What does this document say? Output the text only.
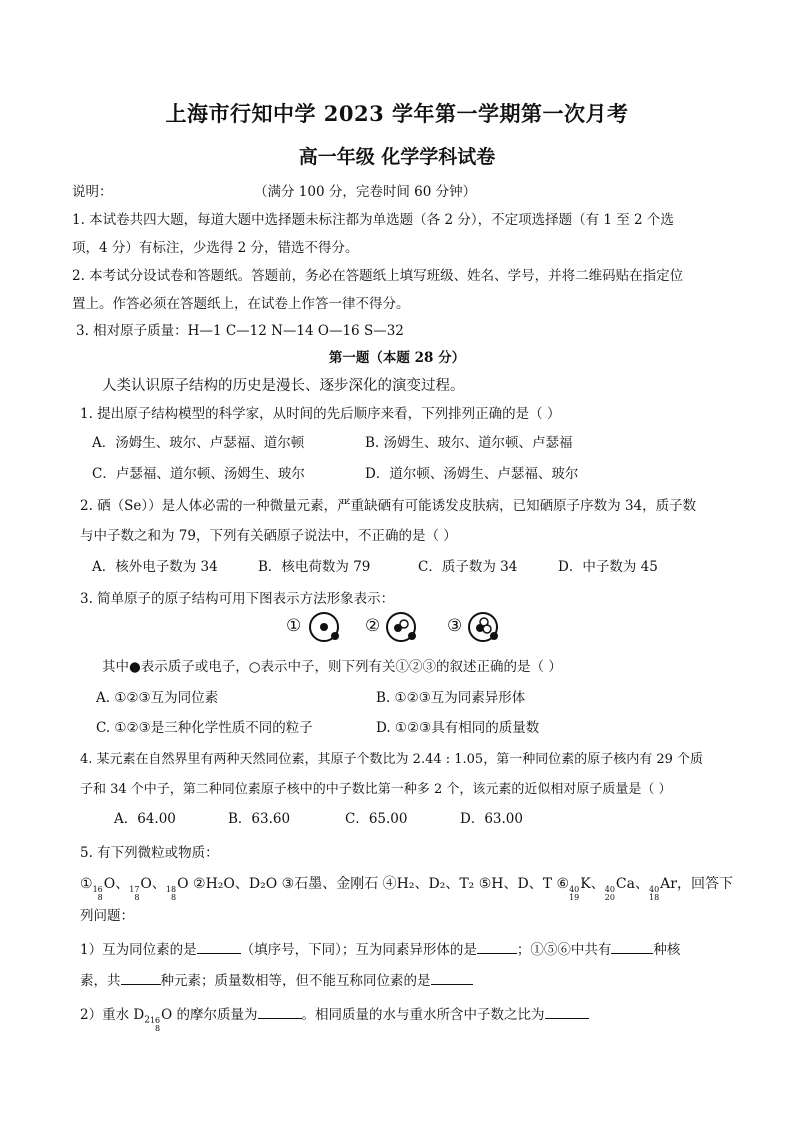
上海市行知中学 2023 学年第一学期第一次月考
高一年级 化学学科试卷
说明：	（满分 100 分，完卷时间 60 分钟）
1. 本试卷共四大题，每道大题中选择题未标注都为单选题（各 2 分），不定项选择题（有 1 至 2 个选
项，4 分）有标注，少选得 2 分，错选不得分。
2. 本考试分设试卷和答题纸。答题前，务必在答题纸上填写班级、姓名、学号，并将二维码贴在指定位
置上。作答必须在答题纸上，在试卷上作答一律不得分。
3. 相对原子质量：H—1 C—12 N—14 O—16 S—32
第一题（本题 28 分）
人类认识原子结构的历史是漫长、逐步深化的演变过程。
1. 提出原子结构模型的科学家，从时间的先后顺序来看，下列排列正确的是（ ）
A．汤姆生、玻尔、卢瑟福、道尔顿	B. 汤姆生、玻尔、道尔顿、卢瑟福
C．卢瑟福、道尔顿、汤姆生、玻尔	D．道尔顿、汤姆生、卢瑟福、玻尔
2. 硒（Se））是人体必需的一种微量元素，严重缺硒有可能诱发皮肤病，已知硒原子序数为 34，质子数
与中子数之和为 79，下列有关硒原子说法中，不正确的是（ ）
A．核外电子数为 34	B．核电荷数为 79	C．质子数为 34	D．中子数为 45
3. 简单原子的原子结构可用下图表示方法形象表示：
①	②	③
其中●表示质子或电子，○表示中子，则下列有关①②③的叙述正确的是（ ）
A. ①②③互为同位素	B. ①②③互为同素异形体
C. ①②③是三种化学性质不同的粒子	D. ①②③具有相同的质量数
4. 某元素在自然界里有两种天然同位素，其原子个数比为 2.44 : 1.05，第一种同位素的原子核内有 29 个质
子和 34 个中子，第二种同位素原子核中的中子数比第一种多 2 个，该元素的近似相对原子质量是（ ）
A．64.00	B．63.60	C．65.00	D．63.00
5. 有下列微粒或物质：
① 16
8
O、 17
8
O、 18
8
O ②H₂O、D₂O ③石墨、金刚石 ④H₂、D₂、T₂ ⑤H、D、T ⑥ 40
19
K、 40
20
Ca、 40
18
Ar，回答下
列问题：
1）互为同位素的是	（填序号，下同）；互为同素异形体的是	；①⑤⑥中共有	种核
素，共	种元素；质量数相等，但不能互称同位素的是
2）重水 $D_2$ 16
8
O 的摩尔质量为	。相同质量的水与重水所含中子数之比为
